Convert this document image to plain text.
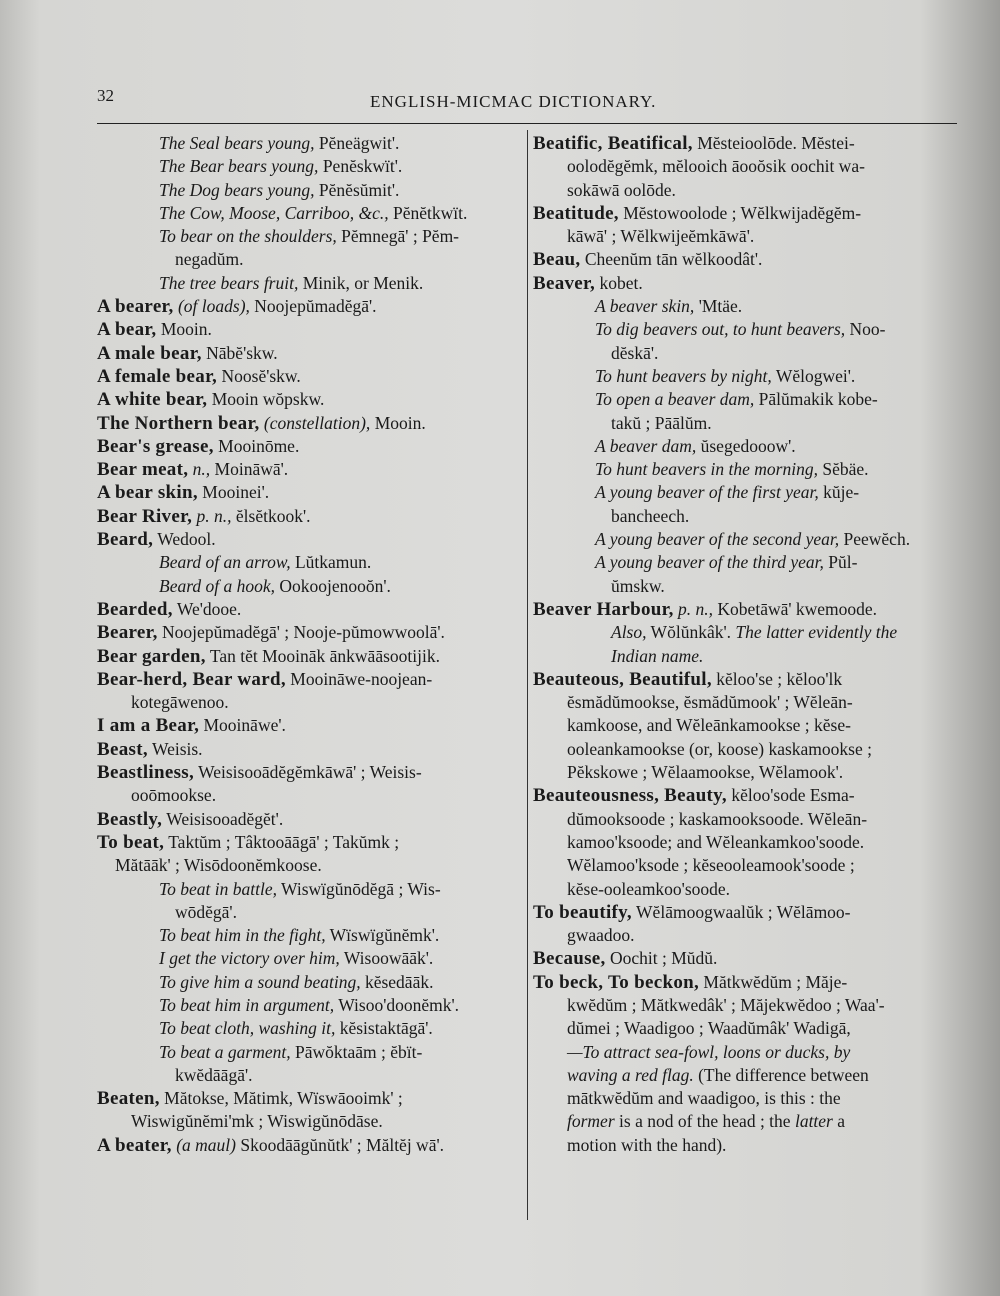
32	ENGLISH-MICMAC DICTIONARY.
The Seal bears young, Pĕneägwit'.
The Bear bears young, Penĕskwït'.
The Dog bears young, Pĕnĕsŭmit'.
The Cow, Moose, Carriboo, &c., Pĕnĕtkwït.
To bear on the shoulders, Pĕmnegā' ; Pĕm-
negadŭm.
The tree bears fruit, Minik, or Menik.
A bearer, (of loads), Noojepŭmadĕgā'.
A bear, Mooin.
A male bear, Nābĕ'skw.
A female bear, Noosĕ'skw.
A white bear, Mooin wŏpskw.
The Northern bear, (constellation), Mooin.
Bear's grease, Mooinōme.
Bear meat, n., Moināwā'.
A bear skin, Mooinei'.
Bear River, p. n., ĕlsĕtkook'.
Beard, Wedool.
Beard of an arrow, Lŭtkamun.
Beard of a hook, Ookoojenooŏn'.
Bearded, We'dooe.
Bearer, Noojepŭmadĕgā' ; Nooje-pŭmowwoolā'.
Bear garden, Tan tĕt Mooināk ānkwāāsootijik.
Bear-herd, Bear ward, Mooināwe-noojean-
kotegāwenoo.
I am a Bear, Mooināwe'.
Beast, Weisis.
Beastliness, Weisisooādĕgĕmkāwā' ; Weisis-
ooōmookse.
Beastly, Weisisooadĕgĕt'.
To beat, Taktŭm ; Tâktooāāgā' ; Takŭmk ;
Mătāāk' ; Wisōdoonĕmkoose.
To beat in battle, Wiswïgŭnōdĕgā ; Wis-
wōdĕgā'.
To beat him in the fight, Wïswïgŭnĕmk'.
I get the victory over him, Wisoowāāk'.
To give him a sound beating, kĕsedāāk.
To beat him in argument, Wisoo'doonĕmk'.
To beat cloth, washing it, kĕsistaktāgā'.
To beat a garment, Pāwŏktaām ; ĕbït-
kwĕdāāgā'.
Beaten, Mătokse, Mătimk, Wïswāooimk' ;
Wiswigŭnĕmi'mk ; Wiswigŭnōdāse.
A beater, (a maul) Skoodāāgŭnŭtk' ; Măltĕj wā'.
Beatific, Beatifical, Mĕsteioolōde. Mĕstei-
oolodĕgĕmk, mĕlooich āooŏsik oochit wa-
sokāwā oolōde.
Beatitude, Mĕstowoolode ; Wĕlkwijadĕgĕm-
kāwā' ; Wĕlkwijeĕmkāwā'.
Beau, Cheenŭm tān wĕlkoodât'.
Beaver, kobet.
A beaver skin, 'Mtäe.
To dig beavers out, to hunt beavers, Noo-
dĕskā'.
To hunt beavers by night, Wĕlogwei'.
To open a beaver dam, Pālŭmakik kobe-
takŭ ; Pāālŭm.
A beaver dam, ŭsegedooow'.
To hunt beavers in the morning, Sĕbäe.
A young beaver of the first year, kŭje-
bancheech.
A young beaver of the second year, Peewĕch.
A young beaver of the third year, Pŭl-
ŭmskw.
Beaver Harbour, p. n., Kobetāwā' kwemoode.
Also, Wŏlŭnkâk'. The latter evidently the
Indian name.
Beauteous, Beautiful, kĕloo'se ; kĕloo'lk
ĕsmădŭmookse, ĕsmădŭmook' ; Wĕleān-
kamkoose, and Wĕleānkamookse ; kĕse-
ooleankamookse (or, koose) kaskamookse ;
Pĕkskowe ; Wĕlaamookse, Wĕlamook'.
Beauteousness, Beauty, kĕloo'sode Esma-
dŭmooksoode ; kaskamooksoode. Wĕleān-
kamoo'ksoode; and Wĕleankamkoo'soode.
Wĕlamoo'ksode ; kĕseooleamook'soode ;
kĕse-ooleamkoo'soode.
To beautify, Wĕlāmoogwaalŭk ; Wĕlāmoo-
gwaadoo.
Because, Oochit ; Mŭdŭ.
To beck, To beckon, Mătkwĕdŭm ; Măje-
kwĕdŭm ; Mătkwedâk' ; Măjekwĕdoo ; Waa'-
dŭmei ; Waadigoo ; Waadŭmâk' Wadigā,
—To attract sea-fowl, loons or ducks, by
waving a red flag. (The difference between
mātkwĕdŭm and waadigoo, is this : the
former is a nod of the head ; the latter a
motion with the hand).
